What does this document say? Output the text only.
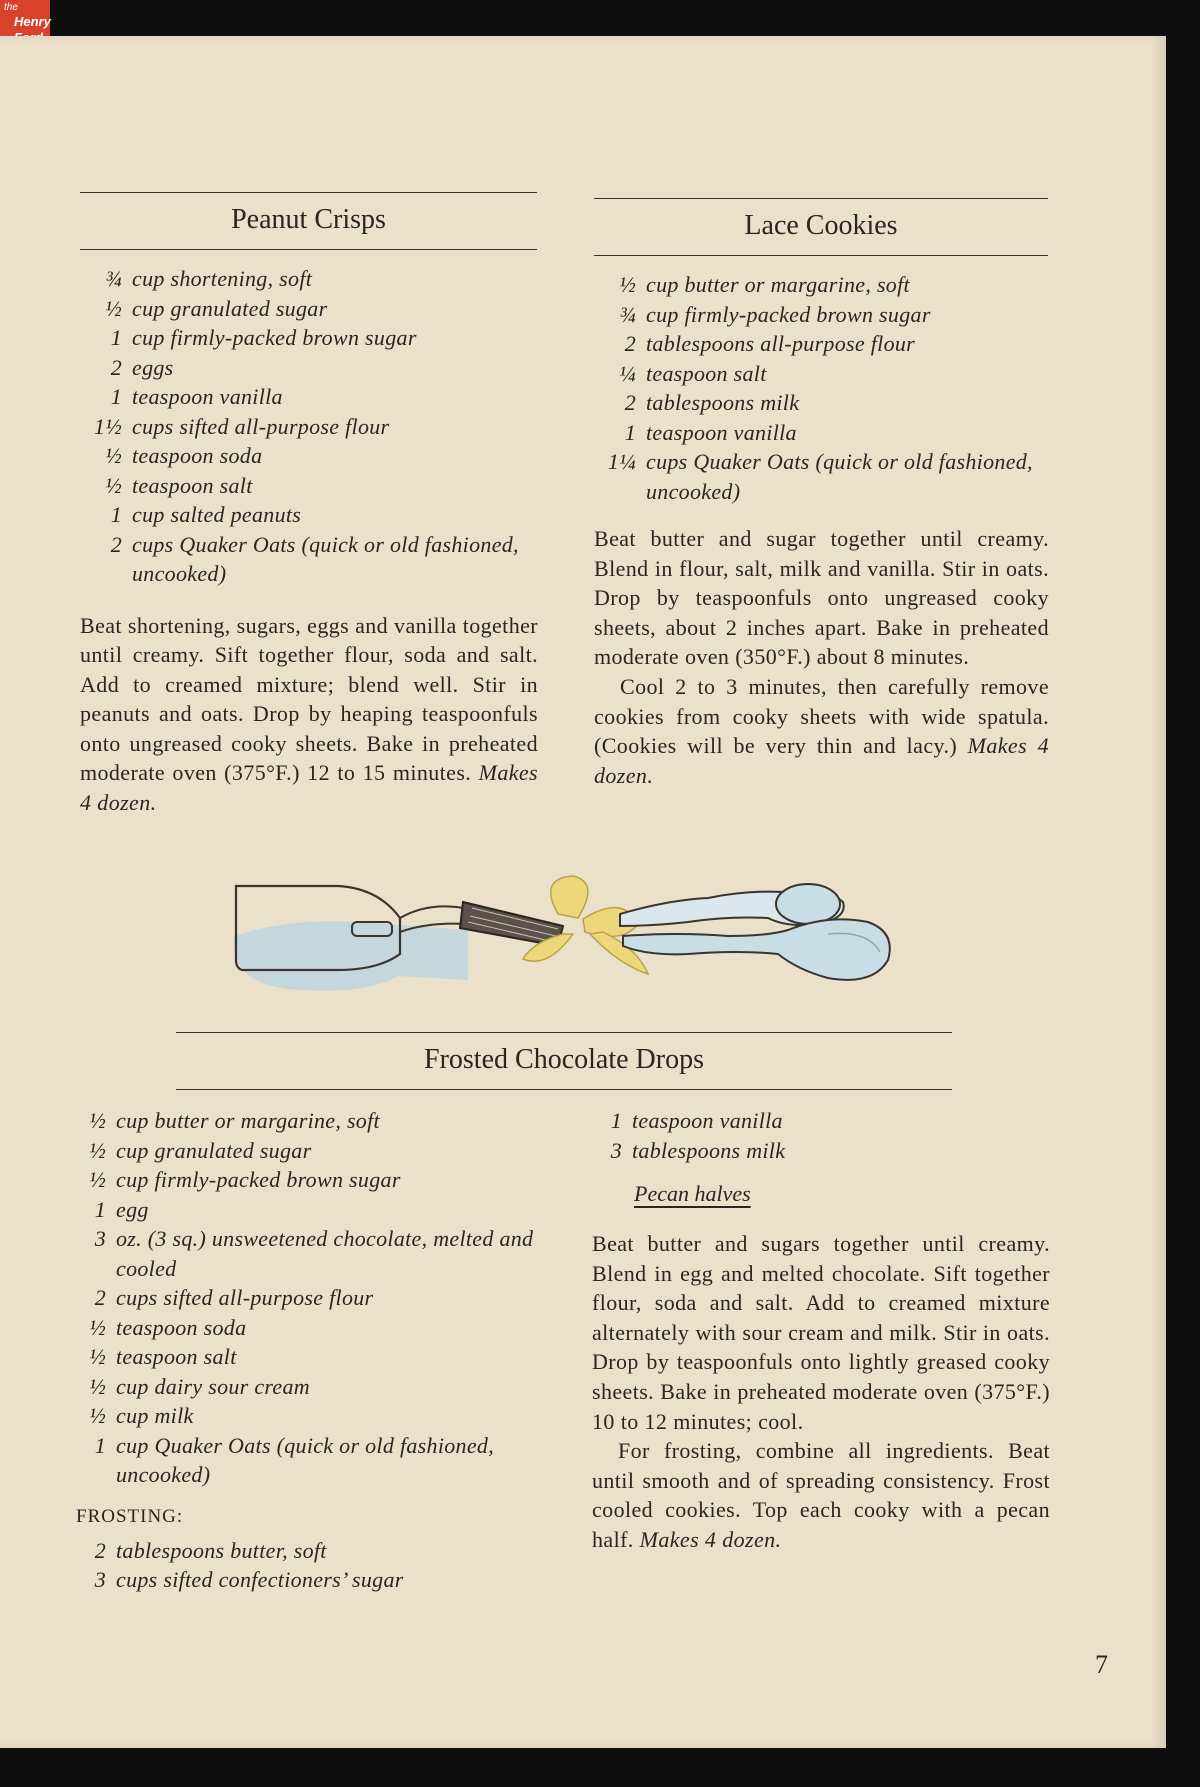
the
Henry
Peanut Crisps
¾ cup shortening, soft
½ cup granulated sugar
1 cup firmly-packed brown sugar
2 eggs
1 teaspoon vanilla
1½ cups sifted all-purpose flour
½ teaspoon soda
½ teaspoon salt
1 cup salted peanuts
2 cups Quaker Oats (quick or old fashioned, uncooked)

Beat shortening, sugars, eggs and vanilla together until creamy. Sift together flour, soda and salt. Add to creamed mixture; blend well. Stir in peanuts and oats. Drop by heaping teaspoonfuls onto ungreased cooky sheets. Bake in preheated moderate oven (375°F.) 12 to 15 minutes. Makes 4 dozen.

Lace Cookies
½ cup butter or margarine, soft
¾ cup firmly-packed brown sugar
2 tablespoons all-purpose flour
¼ teaspoon salt
2 tablespoons milk
1 teaspoon vanilla
1¼ cups Quaker Oats (quick or old fashioned, uncooked)

Beat butter and sugar together until creamy. Blend in flour, salt, milk and vanilla. Stir in oats. Drop by teaspoonfuls onto ungreased cooky sheets, about 2 inches apart. Bake in preheated moderate oven (350°F.) about 8 minutes.

Cool 2 to 3 minutes, then carefully remove cookies from cooky sheets with wide spatula. (Cookies will be very thin and lacy.) Makes 4 dozen.

Frosted Chocolate Drops
½ cup butter or margarine, soft
½ cup granulated sugar
½ cup firmly-packed brown sugar
1 egg
3 oz. (3 sq.) unsweetened chocolate, melted and cooled
2 cups sifted all-purpose flour
½ teaspoon soda
½ teaspoon salt
½ cup dairy sour cream
½ cup milk
1 cup Quaker Oats (quick or old fashioned, uncooked)

FROSTING:

2 tablespoons butter, soft
3 cups sifted confectioners’ sugar
1 teaspoon vanilla
3 tablespoons milk
Pecan halves

Beat butter and sugars together until creamy. Blend in egg and melted chocolate. Sift together flour, soda and salt. Add to creamed mixture alternately with sour cream and milk. Stir in oats. Drop by teaspoonfuls onto lightly greased cooky sheets. Bake in preheated moderate oven (375°F.) 10 to 12 minutes; cool.

For frosting, combine all ingredients. Beat until smooth and of spreading consistency. Frost cooled cookies. Top each cooky with a pecan half. Makes 4 dozen.

7
